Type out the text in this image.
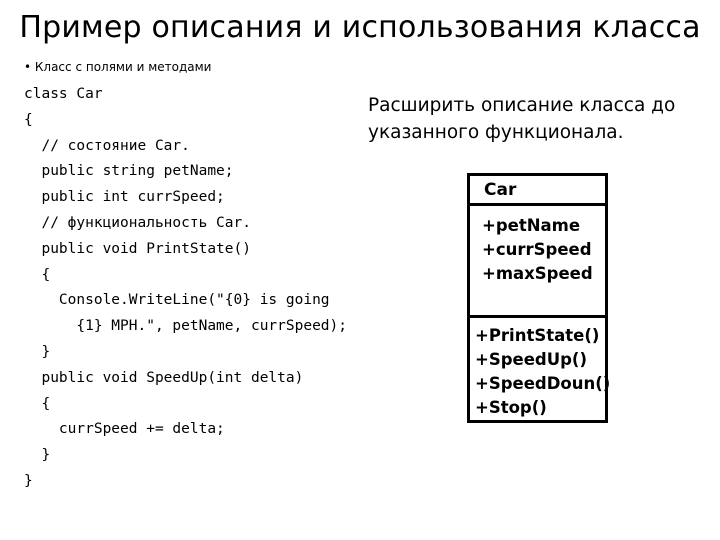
Пример описания и использования класса
• Класс с полями и методами
class Car
{
// состояние Car.
public string petName;
public int currSpeed;
// функциональность Car.
public void PrintState()
{
Console.WriteLine("{0} is going
{1} MPH.", petName, currSpeed);
}
public void SpeedUp(int delta)
{
currSpeed += delta;
}
}
Расширить описание класса до
указанного функционала.
Car
+petName
+currSpeed
+maxSpeed
+PrintState()
+SpeedUp()
+SpeedDoun()
+Stop()
